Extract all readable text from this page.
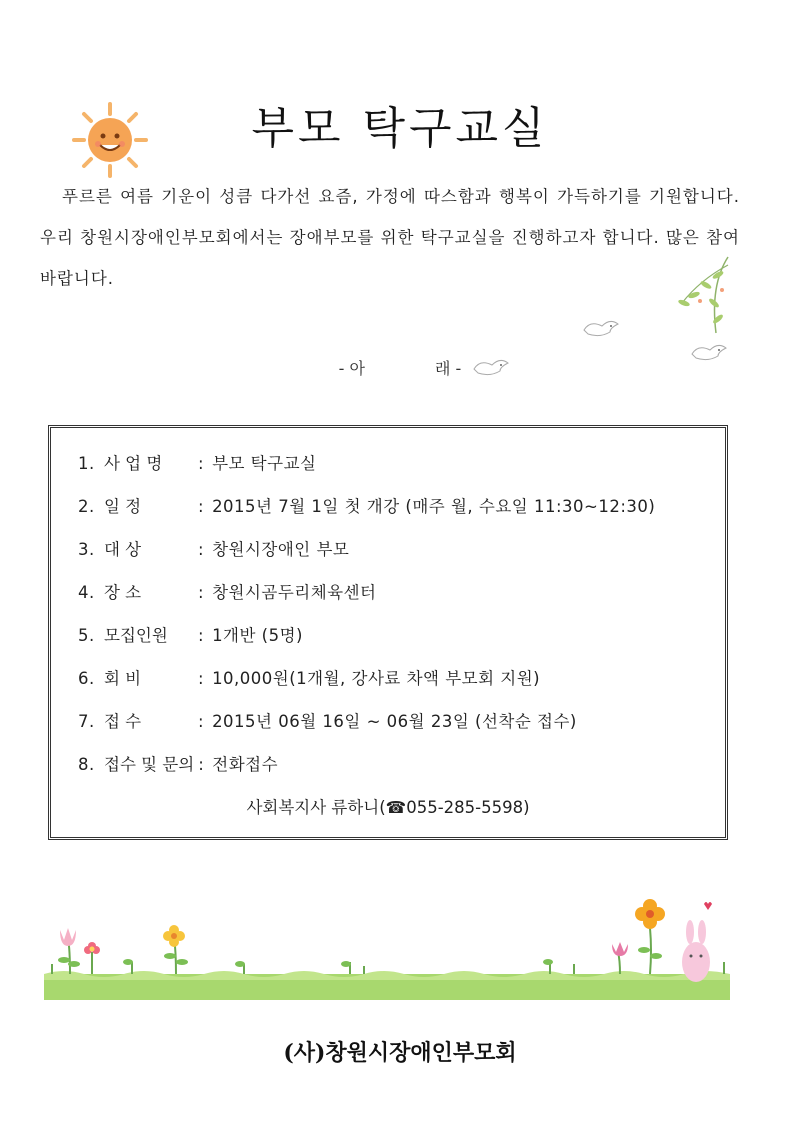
부모 탁구교실

푸르른 여름 기운이 성큼 다가선 요즘, 가정에 따스함과 행복이 가득하기를 기원합니다. 우리 창원시장애인부모회에서는 장애부모를 위한 탁구교실을 진행하고자 합니다. 많은 참여 바랍니다.

- 아	래 -
1. 사 업 명 : 부모 탁구교실
2. 일 정	: 2015년 7월 1일 첫 개강 (매주 월, 수요일 11:30~12:30)
3. 대 상	: 창원시장애인 부모
4. 장 소	: 창원시곰두리체육센터
5. 모집인원 : 1개반 (5명)
6. 회 비	: 10,000원(1개월, 강사료 차액 부모회 지원)
7. 접 수	: 2015년 06월 16일 ~ 06월 23일 (선착순 접수)
8. 접수 및 문의 : 전화접수
사회복지사 류하니(☎055-285-5598)
(사)창원시장애인부모회
